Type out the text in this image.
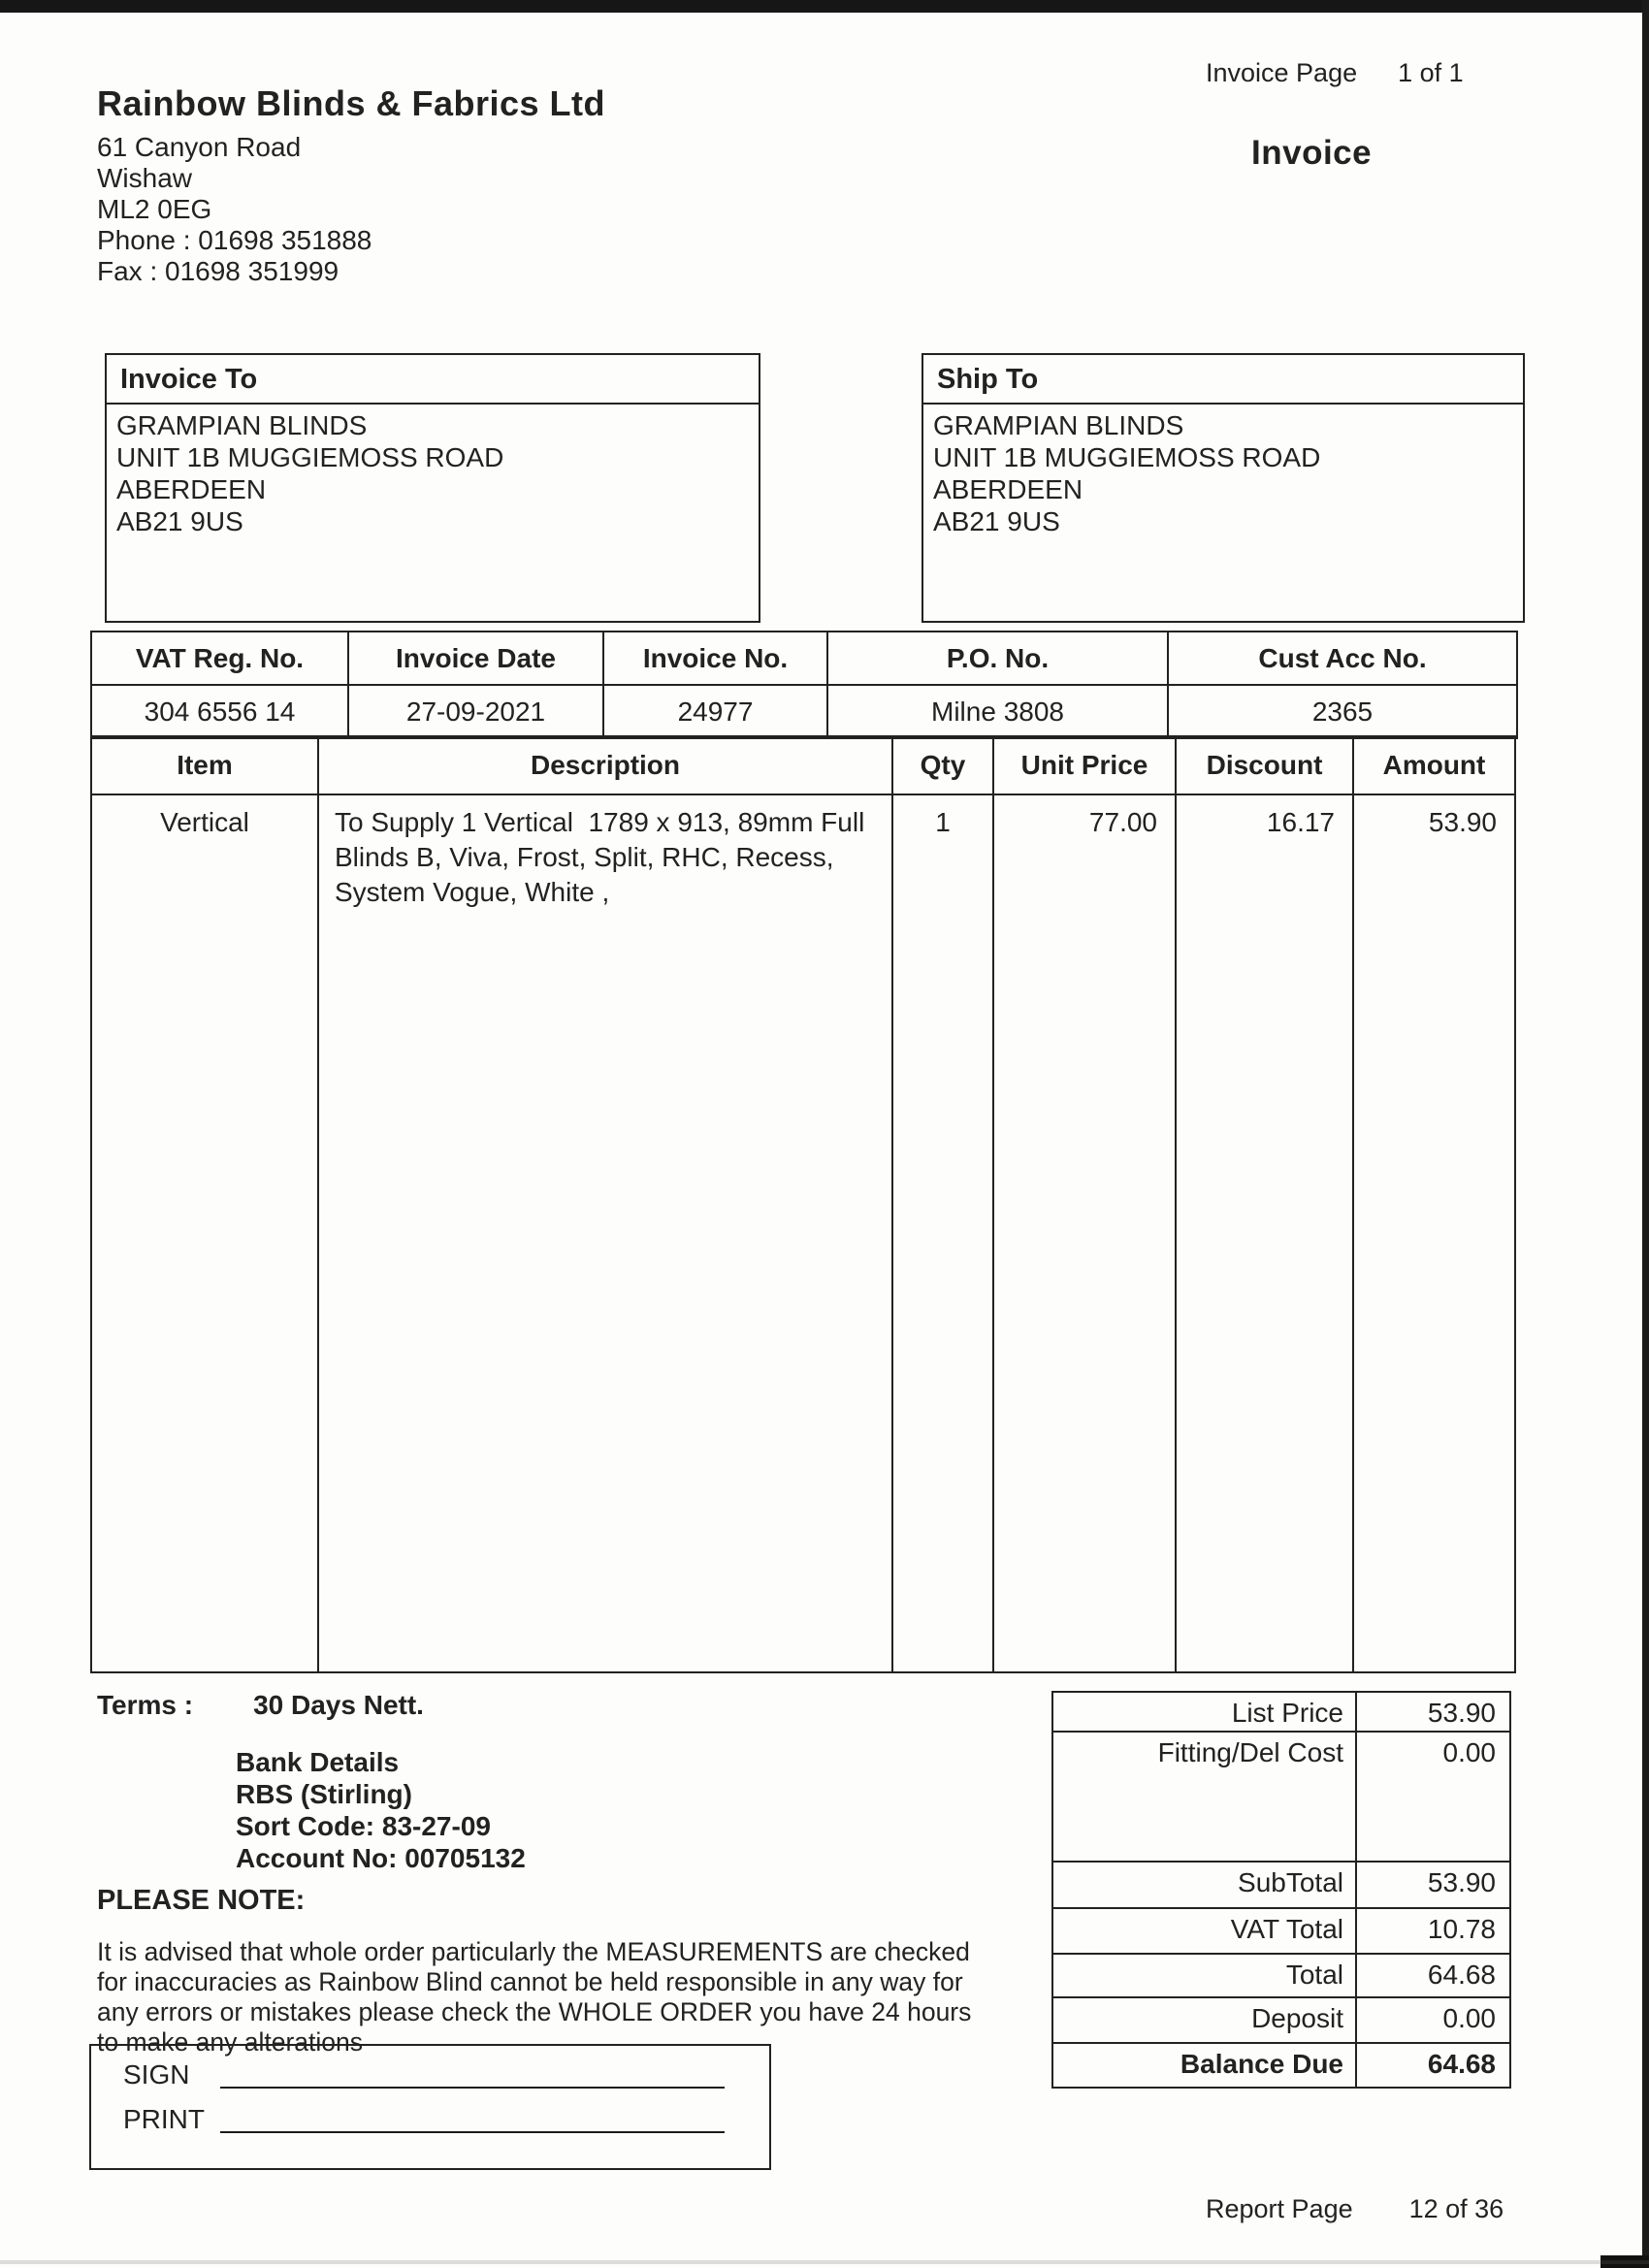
Rainbow Blinds & Fabrics Ltd
61 Canyon Road
Wishaw
ML2 0EG
Phone : 01698 351888
Fax : 01698 351999
Invoice Page 1 of 1
Invoice
Invoice To
GRAMPIAN BLINDS
UNIT 1B MUGGIEMOSS ROAD
ABERDEEN
AB21 9US
Ship To
GRAMPIAN BLINDS
UNIT 1B MUGGIEMOSS ROAD
ABERDEEN
AB21 9US
VAT Reg. No.	Invoice Date	Invoice No.	P.O. No.	Cust Acc No.
304 6556 14	27-09-2021	24977	Milne 3808	2365
Item	Description	Qty	Unit Price	Discount	Amount
Vertical	To Supply 1 Vertical  1789 x 913, 89mm Full Blinds B, Viva, Frost, Split, RHC, Recess, System Vogue, White ,
1	77.00	16.17	53.90
Terms : 30 Days Nett.
Bank Details
RBS (Stirling)
Sort Code: 83-27-09
Account No: 00705132
PLEASE NOTE:
It is advised that whole order particularly the MEASUREMENTS are checked for inaccuracies as Rainbow Blind cannot be held responsible in any way for any errors or mistakes please check the WHOLE ORDER you have 24 hours to make any alterations
List Price	53.90
Fitting/Del Cost	0.00
SubTotal	53.90
VAT Total	10.78
Total	64.68
Deposit	0.00
Balance Due	64.68
SIGN
PRINT
Report Page 12 of 36
